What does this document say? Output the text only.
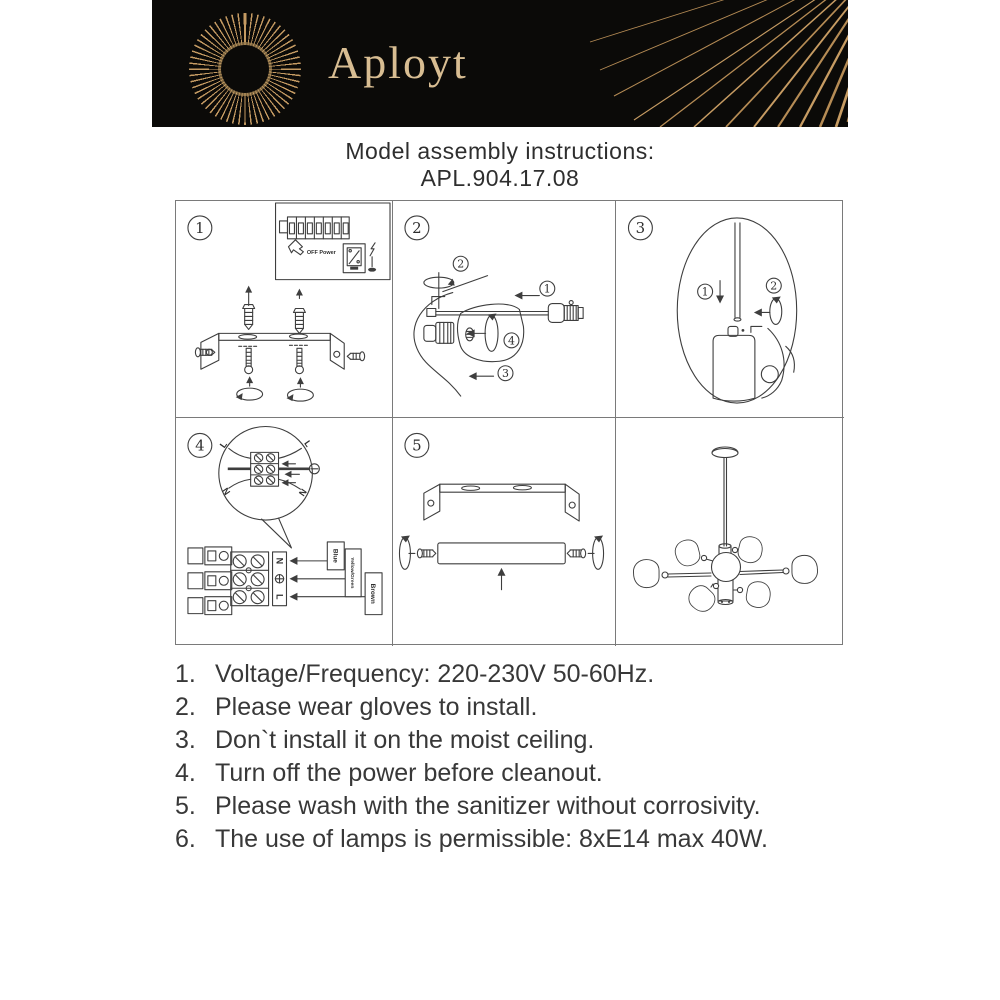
Aployt
Model assembly instructions:
APL.904.17.08
1
OFF Power
2
2
1
4
3
3
1	2
4 L	L
N	N
N
L
Blue
Yellow/Green
Brown
5
1. Voltage/Frequency: 220-230V 50-60Hz.
2. Please wear gloves to install.
3. Don`t install it on the moist ceiling.
4. Turn off the power before cleanout.
5. Please wash with the sanitizer without corrosivity.
6. The use of lamps is permissible: 8xE14 max 40W.
